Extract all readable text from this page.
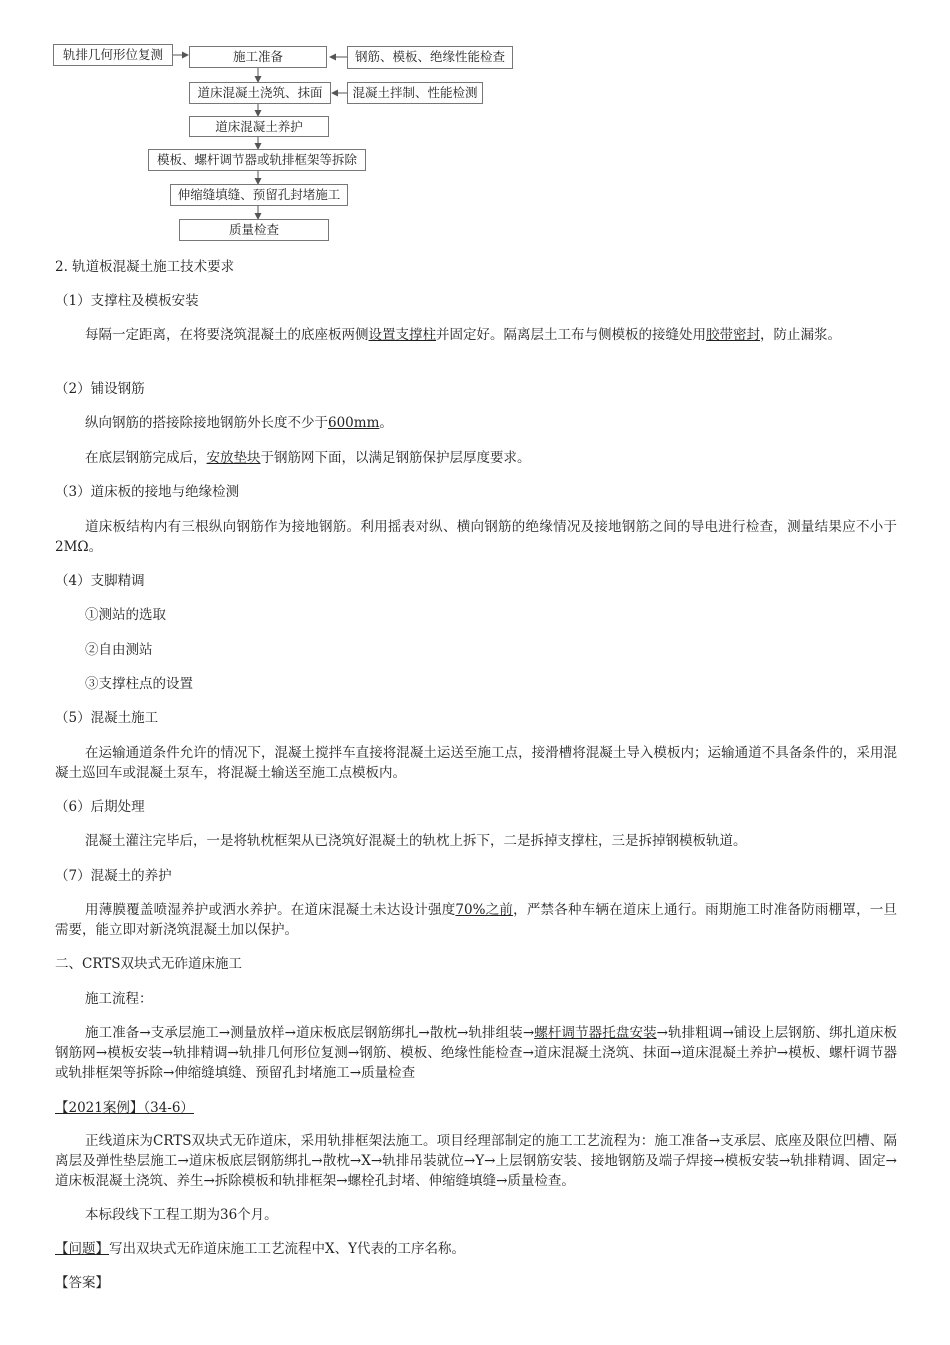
轨排几何形位复测	施工准备	钢筋、模板、绝缘性能检查
道床混凝土浇筑、抹面	混凝土拌制、性能检测
道床混凝土养护
模板、螺杆调节器或轨排框架等拆除
伸缩缝填缝、预留孔封堵施工
质量检查
2. 轨道板混凝土施工技术要求
（1）支撑柱及模板安装
每隔一定距离，在将要浇筑混凝土的底座板两侧设置支撑柱并固定好。隔离层土工布与侧模板的接缝处用胶带密封，防止漏浆。
（2）铺设钢筋
纵向钢筋的搭接除接地钢筋外长度不少于600mm。
在底层钢筋完成后，安放垫块于钢筋网下面，以满足钢筋保护层厚度要求。
（3）道床板的接地与绝缘检测
道床板结构内有三根纵向钢筋作为接地钢筋。利用摇表对纵、横向钢筋的绝缘情况及接地钢筋之间的导电进行检查，测量结果应不小于2MΩ。
（4）支脚精调
①测站的选取
②自由测站
③支撑柱点的设置
（5）混凝土施工
在运输通道条件允许的情况下，混凝土搅拌车直接将混凝土运送至施工点，接滑槽将混凝土导入模板内；运输通道不具备条件的，采用混凝土巡回车或混凝土泵车，将混凝土输送至施工点模板内。
（6）后期处理
混凝土灌注完毕后，一是将轨枕框架从已浇筑好混凝土的轨枕上拆下，二是拆掉支撑柱，三是拆掉钢模板轨道。
（7）混凝土的养护
用薄膜覆盖喷湿养护或洒水养护。在道床混凝土未达设计强度70%之前，严禁各种车辆在道床上通行。雨期施工时准备防雨棚罩，一旦需要，能立即对新浇筑混凝土加以保护。
二、CRTS双块式无砟道床施工
施工流程：
施工准备→支承层施工→测量放样→道床板底层钢筋绑扎→散枕→轨排组装→螺杆调节器托盘安装→轨排粗调→铺设上层钢筋、绑扎道床板钢筋网→模板安装→轨排精调→轨排几何形位复测→钢筋、模板、绝缘性能检查→道床混凝土浇筑、抹面→道床混凝土养护→模板、螺杆调节器或轨排框架等拆除→伸缩缝填缝、预留孔封堵施工→质量检查
【2021案例】（34-6）
正线道床为CRTS双块式无砟道床，采用轨排框架法施工。项目经理部制定的施工工艺流程为：施工准备→支承层、底座及限位凹槽、隔离层及弹性垫层施工→道床板底层钢筋绑扎→散枕→X→轨排吊装就位→Y→上层钢筋安装、接地钢筋及端子焊接→模板安装→轨排精调、固定→道床板混凝土浇筑、养生→拆除模板和轨排框架→螺栓孔封堵、伸缩缝填缝→质量检查。
本标段线下工程工期为36个月。
【问题】写出双块式无砟道床施工工艺流程中X、Y代表的工序名称。
【答案】
